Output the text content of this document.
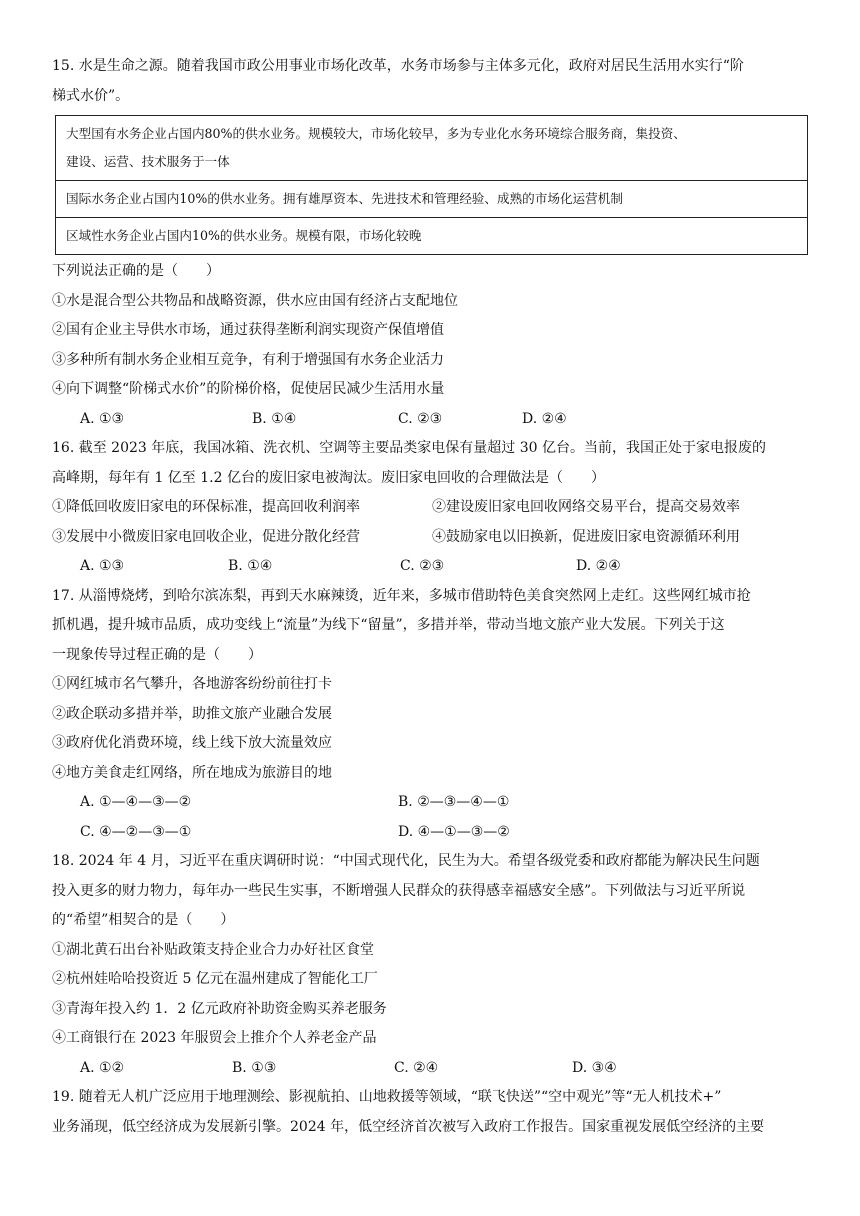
15. 水是生命之源。随着我国市政公用事业市场化改革，水务市场参与主体多元化，政府对居民生活用水实行“阶
梯式水价”。
大型国有水务企业占国内80%的供水业务。规模较大，市场化较早，多为专业化水务环境综合服务商，集投资、
建设、运营、技术服务于一体

国际水务企业占国内10%的供水业务。拥有雄厚资本、先进技术和管理经验、成熟的市场化运营机制
区域性水务企业占国内10%的供水业务。规模有限，市场化较晚
下列说法正确的是（　　）
①水是混合型公共物品和战略资源，供水应由国有经济占支配地位
②国有企业主导供水市场，通过获得垄断利润实现资产保值增值
③多种所有制水务企业相互竞争，有利于增强国有水务企业活力
④向下调整“阶梯式水价”的阶梯价格，促使居民减少生活用水量
A. ①③	B. ①④	C. ②③	D. ②④
16. 截至 2023 年底，我国冰箱、洗衣机、空调等主要品类家电保有量超过 30 亿台。当前，我国正处于家电报废的
高峰期，每年有 1 亿至 1.2 亿台的废旧家电被淘汰。废旧家电回收的合理做法是（　　）
①降低回收废旧家电的环保标准，提高回收利润率	②建设废旧家电回收网络交易平台，提高交易效率
③发展中小微废旧家电回收企业，促进分散化经营	④鼓励家电以旧换新，促进废旧家电资源循环利用
A. ①③	B. ①④	C. ②③	D. ②④
17. 从淄博烧烤，到哈尔滨冻梨，再到天水麻辣烫，近年来，多城市借助特色美食突然网上走红。这些网红城市抢
抓机遇，提升城市品质，成功变线上“流量”为线下“留量”，多措并举，带动当地文旅产业大发展。下列关于这
一现象传导过程正确的是（　　）
①网红城市名气攀升，各地游客纷纷前往打卡
②政企联动多措并举，助推文旅产业融合发展
③政府优化消费环境，线上线下放大流量效应
④地方美食走红网络，所在地成为旅游目的地
A. ①—④—③—②	B. ②—③—④—①
C. ④—②—③—①	D. ④—①—③—②
18. 2024 年 4 月，习近平在重庆调研时说：“中国式现代化，民生为大。希望各级党委和政府都能为解决民生问题
投入更多的财力物力，每年办一些民生实事，不断增强人民群众的获得感幸福感安全感”。下列做法与习近平所说
的“希望”相契合的是（　　）
①湖北黄石出台补贴政策支持企业合力办好社区食堂
②杭州娃哈哈投资近 5 亿元在温州建成了智能化工厂
③青海年投入约 1．2 亿元政府补助资金购买养老服务
④工商银行在 2023 年服贸会上推介个人养老金产品
A. ①②	B. ①③	C. ②④	D. ③④
19. 随着无人机广泛应用于地理测绘、影视航拍、山地救援等领域，“联飞快送”“空中观光”等“无人机技术+”
业务涌现，低空经济成为发展新引擎。2024 年，低空经济首次被写入政府工作报告。国家重视发展低空经济的主要
